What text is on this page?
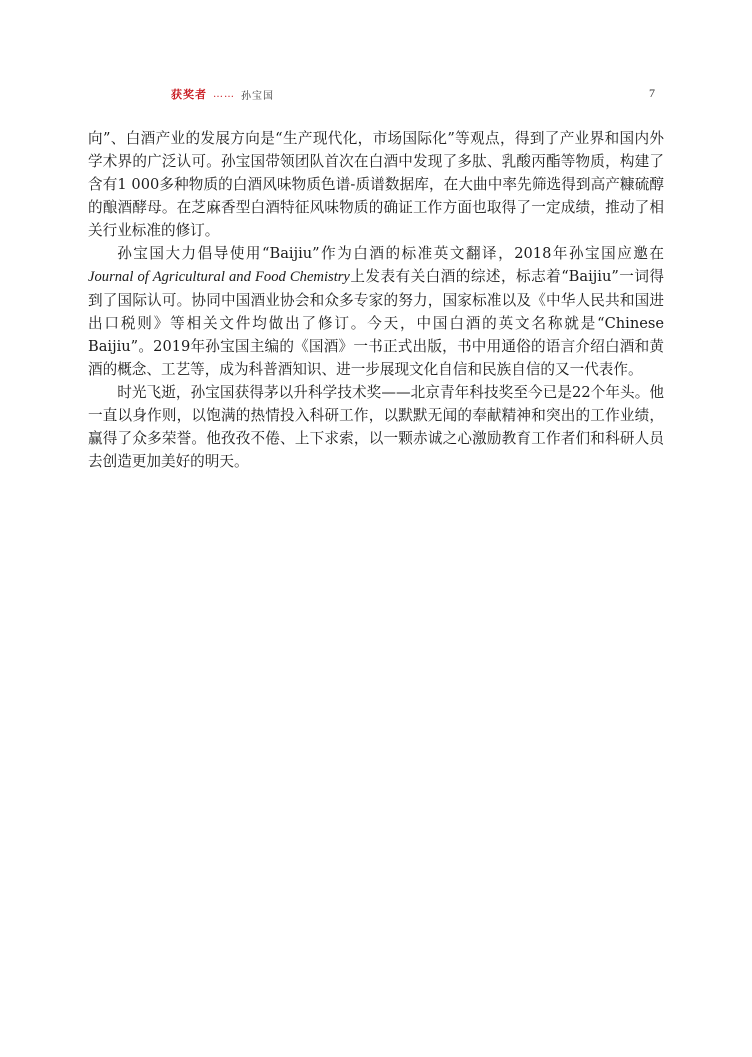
获奖者 …… 孙宝国	7

向”、白酒产业的发展方向是“生产现代化，市场国际化”等观点，得到了产业界和国内外学术界的广泛认可。孙宝国带领团队首次在白酒中发现了多肽、乳酸丙酯等物质，构建了含有1 000多种物质的白酒风味物质色谱-质谱数据库，在大曲中率先筛选得到高产糠硫醇的酿酒酵母。在芝麻香型白酒特征风味物质的确证工作方面也取得了一定成绩，推动了相关行业标准的修订。

孙宝国大力倡导使用“Baijiu”作为白酒的标准英文翻译，2018年孙宝国应邀在Journal of Agricultural and Food Chemistry上发表有关白酒的综述，标志着“Baijiu”一词得到了国际认可。协同中国酒业协会和众多专家的努力，国家标准以及《中华人民共和国进出口税则》等相关文件均做出了修订。今天，中国白酒的英文名称就是“Chinese Baijiu”。2019年孙宝国主编的《国酒》一书正式出版，书中用通俗的语言介绍白酒和黄酒的概念、工艺等，成为科普酒知识、进一步展现文化自信和民族自信的又一代表作。

时光飞逝，孙宝国获得茅以升科学技术奖——北京青年科技奖至今已是22个年头。他一直以身作则，以饱满的热情投入科研工作，以默默无闻的奉献精神和突出的工作业绩，赢得了众多荣誉。他孜孜不倦、上下求索，以一颗赤诚之心激励教育工作者们和科研人员去创造更加美好的明天。
